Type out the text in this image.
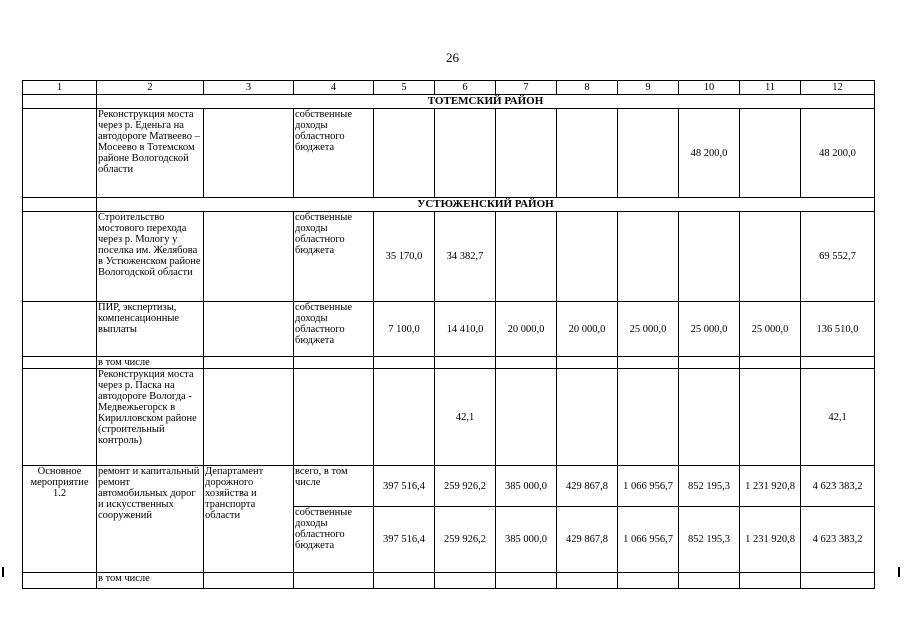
26
1	2	3	4	5	6	7	8	9	10	11	12
	ТОТЕМСКИЙ РАЙОН										
	Реконструкция моста через р. Еденьга на автодороге Матвеево – Мосеево в Тотемском районе Вологодской области		собственные доходы областного бюджета						48 200,0		48 200,0
	УСТЮЖЕНСКИЙ РАЙОН										
	Строительство мостового перехода через р. Мологу у поселка им. Желябова в Устюженском районе Вологодской области		собственные доходы областного бюджета	35 170,0	34 382,7						69 552,7
	ПИР, экспертизы, компенсационные выплаты		собственные доходы областного бюджета	7 100,0	14 410,0	20 000,0	20 000,0	25 000,0	25 000,0	25 000,0	136 510,0
	в том числе										
	Реконструкция моста через р. Паска на автодороге Вологда - Медвежьегорск в Кирилловском районе (строительный контроль)				42,1						42,1
Основное мероприятие 1.2	ремонт и капитальный ремонт автомобильных дорог и искусственных сооружений	Департамент дорожного хозяйства и транспорта области	всего, в том числе	397 516,4	259 926,2	385 000,0	429 867,8	1 066 956,7	852 195,3	1 231 920,8	4 623 383,2
			собственные доходы областного бюджета	397 516,4	259 926,2	385 000,0	429 867,8	1 066 956,7	852 195,3	1 231 920,8	4 623 383,2
	в том числе										
